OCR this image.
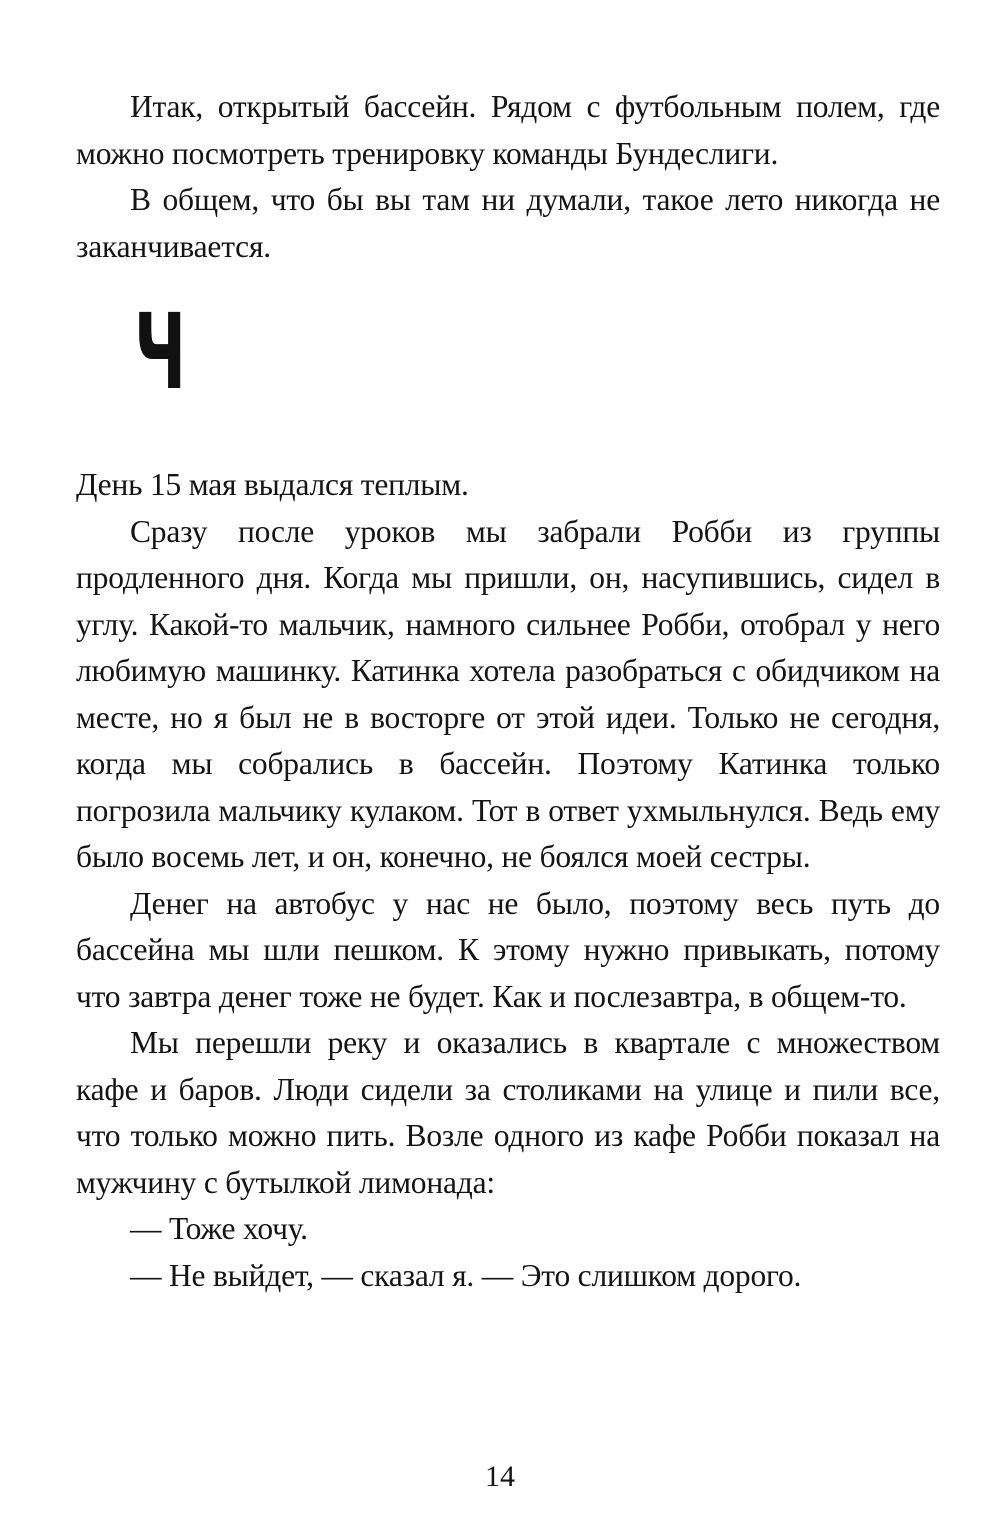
Итак, открытый бассейн. Рядом с футбольным полем, где можно посмотреть тренировку команды Бундеслиги.

В общем, что бы вы там ни думали, такое лето никогда не заканчивается.

Ч

День 15 мая выдался теплым.

Сразу после уроков мы забрали Робби из группы продленного дня. Когда мы пришли, он, насупившись, сидел в углу. Какой-то мальчик, намного сильнее Робби, отобрал у него любимую машинку. Катинка хотела разобраться с обидчиком на месте, но я был не в восторге от этой идеи. Только не сегодня, когда мы собрались в бассейн. Поэтому Катинка только погрозила мальчику кулаком. Тот в ответ ухмыльнулся. Ведь ему было восемь лет, и он, конечно, не боялся моей сестры.

Денег на автобус у нас не было, поэтому весь путь до бассейна мы шли пешком. К этому нужно привыкать, потому что завтра денег тоже не будет. Как и послезавтра, в общем-то.

Мы перешли реку и оказались в квартале с множеством кафе и баров. Люди сидели за столиками на улице и пили все, что только можно пить. Возле одного из кафе Робби показал на мужчину с бутылкой лимонада:

— Тоже хочу.

— Не выйдет, — сказал я. — Это слишком дорого.

14
